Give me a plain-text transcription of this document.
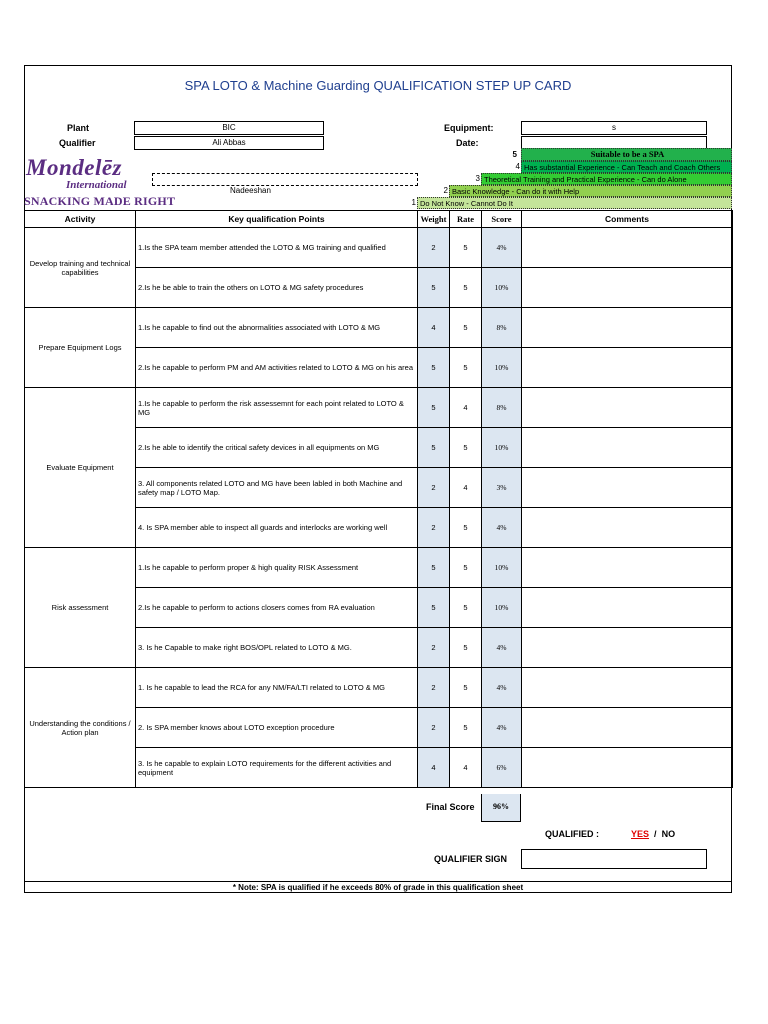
SPA LOTO & Machine Guarding QUALIFICATION STEP UP CARD
Plant	BIC
Qualifier	Ali Abbas
Equipment:	s
Date:
Mondelēz
International
SNACKING MADE RIGHT
Nadeeshan
5	Suitable to be a SPA
4 Has substantial Experience - Can Teach and Coach Others
3 Theoretical Training and Practical Experience - Can do Alone
2 Basic Knowledge - Can do it with Help
1 Do Not Know - Cannot Do It
Activity	Key qualification Points	Weight	Rate	Score	Comments
Develop training and technical capabilities	1.Is the SPA team member attended the LOTO & MG training and qualified	2	5	4%	
	2.Is he be able to train the others on LOTO & MG safety procedures	5	5	10%	
Prepare Equipment Logs	1.Is he capable to find out the abnormalities associated with LOTO & MG	4	5	8%	
	2.Is he capable to perform PM and AM activities related to LOTO & MG on his area	5	5	10%	
Evaluate Equipment	1.Is he capable to perform the risk assessemnt for each point related to LOTO & MG	5	4	8%	
	2.Is he able to identify the critical safety devices in all equipments on MG	5	5	10%	
	3. All components related LOTO and MG have been labled in both Machine and safety map / LOTO Map.	2	4	3%	
	4. Is SPA member able to inspect all guards and interlocks are working well	2	5	4%	
Risk assessment	1.Is he capable to perform proper & high quality RISK Assessment	5	5	10%	
	2.Is he capable to perform to actions closers comes from RA evaluation	5	5	10%	
	3. Is he Capable to make right BOS/OPL related to LOTO & MG.	2	5	4%	
Understanding the conditions / Action plan	1. Is he capable to lead the RCA for any NM/FA/LTI related to LOTO & MG	2	5	4%	
	2. Is SPA member knows about LOTO exception procedure	2	5	4%	
	3. Is he capable to explain LOTO requirements for the different activities and equipment	4	4	6%	
Final Score	96%
QUALIFIED :	YES / NO
QUALIFIER SIGN
* Note: SPA is qualified if he exceeds 80% of grade in this qualification sheet
